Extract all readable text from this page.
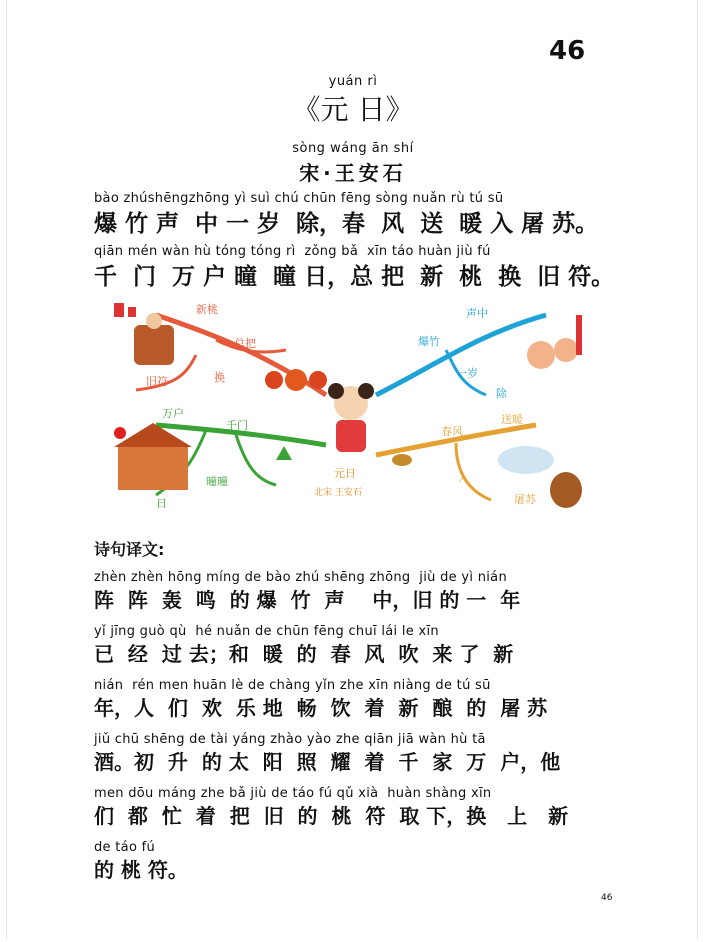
46
yuán rì
《元 日》
sòng wáng ān shí
宋·王安石
bào zhúshēngzhōng yì suì chú chūn fēng sòng nuǎn rù tú sū
爆 竹 声  中 一 岁  除，春  风  送  暖 入 屠 苏。
qiān mén wàn hù tóng tóng rì  zǒng bǎ  xīn táo huàn jiù fú
千  门  万 户 曈  曈 日，总 把  新  桃  换  旧 符。
新桃
总把
旧符	换
爆竹
声中
一岁
除
万户
千门
日
曈曈
春风
送暖
入
屠苏
元日
北宋 王安石
诗句译文:
zhèn zhèn hōng míng de bào zhú shēng zhōng  jiù de yì nián
阵  阵  轰  鸣  的 爆  竹  声    中，旧 的 一  年
yǐ jīng guò qù  hé nuǎn de chūn fēng chuī lái le xīn
已  经  过 去；和  暖  的  春  风  吹  来 了  新
nián  rén men huān lè de chàng yǐn zhe xīn niàng de tú sū
年，人  们  欢  乐 地  畅  饮  着  新  酿  的  屠 苏
jiǔ chū shēng de tài yáng zhào yào zhe qiān jiā wàn hù tā
酒。初  升  的 太  阳  照  耀  着  千  家  万  户，他
men dōu máng zhe bǎ jiù de táo fú qǔ xià  huàn shàng xīn
们  都  忙  着  把  旧  的  桃  符  取 下，换   上   新
de táo fú
的 桃 符。
46
